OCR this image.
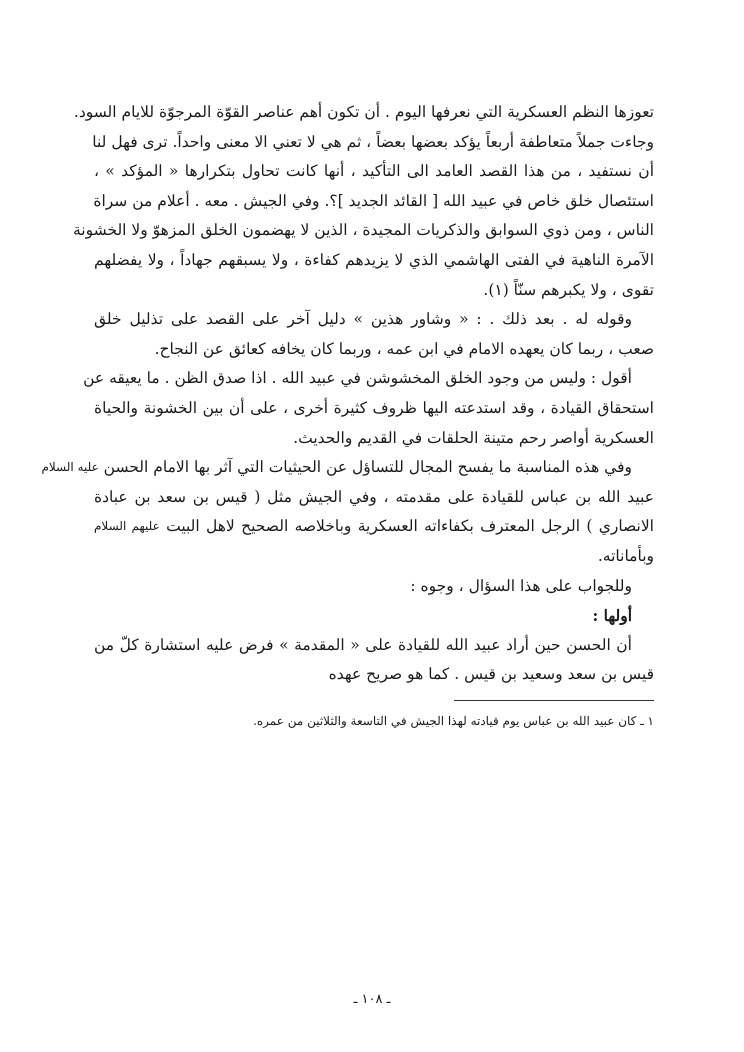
تعوزها النظم العسكرية التي نعرفها اليوم . أن تكون أهم عناصر القوّة المرجوّة للايام السود.
وجاءت جملاً متعاطفة أربعاً يؤكد بعضها بعضاً ، ثم هي لا تعني الا معنى واحداً. ترى فهل لنا
أن نستفيد ، من هذا القصد العامد الى التأكيد ، أنها كانت تحاول بتكرارها « المؤكد » ،
استئصال خلق خاص في عبيد الله [ القائد الجديد ]؟. وفي الجيش . معه . أعلام من سراة
الناس ، ومن ذوي السوابق والذكريات المجيدة ، الذين لا يهضمون الخلق المزهوّ ولا الخشونة
الآمرة الناهية في الفتى الهاشمي الذي لا يزيدهم كفاءة ، ولا يسبقهم جهاداً ، ولا يفضلهم
تقوى ، ولا يكبرهم سنّاً (١).
وقوله له . بعد ذلك . : « وشاور هذين » دليل آخر على القصد على تذليل خلق
صعب ، ربما كان يعهده الامام في ابن عمه ، وربما كان يخافه كعائق عن النجاح.
أقول : وليس من وجود الخلق المخشوشن في عبيد الله . اذا صدق الظن . ما يعيقه عن
استحقاق القيادة ، وقد استدعته اليها ظروف كثيرة أخرى ، على أن بين الخشونة والحياة
العسكرية أواصر رحم متينة الحلقات في القديم والحديث.
وفي هذه المناسبة ما يفسح المجال للتساؤل عن الحيثيات التي آثر بها الامام الحسن عليه السلام
عبيد الله بن عباس للقيادة على مقدمته ، وفي الجيش مثل ( قيس بن سعد بن عبادة
الانصاري ) الرجل المعترف بكفاءاته العسكرية وباخلاصه الصحيح لاهل البيت عليهم السلام
وبأماناته.
وللجواب على هذا السؤال ، وجوه :
أولها :
أن الحسن حين أراد عبيد الله للقيادة على « المقدمة » فرض عليه استشارة كلّ من
قيس بن سعد وسعيد بن قيس . كما هو صريح عهده
١ ـ كان عبيد الله بن عباس يوم قيادته لهذا الجيش في التاسعة والثلاثين من عمره.
ـ ١٠٨ ـ
